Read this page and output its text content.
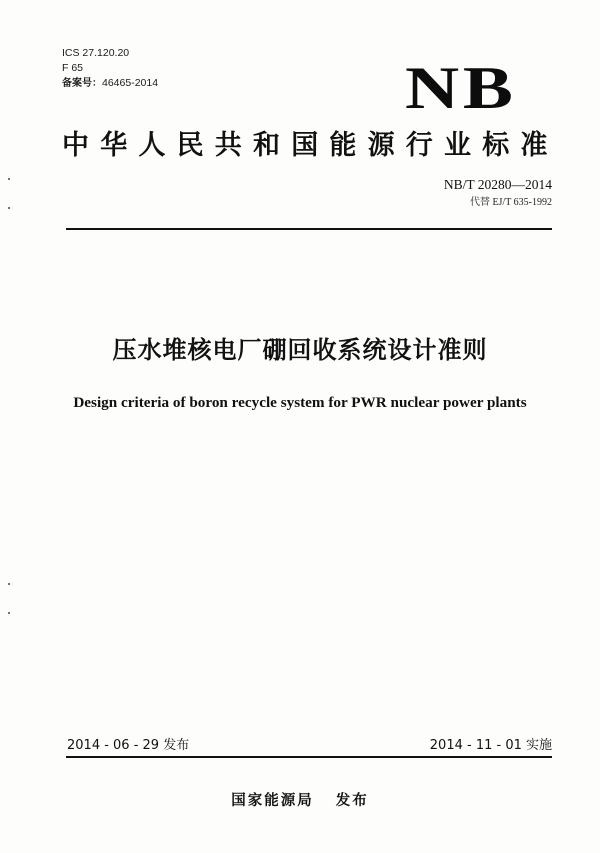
ICS 27.120.20
F 65
备案号：46465-2014	NB
中华人民共和国能源行业标准
NB/T 20280—2014
代替 EJ/T 635-1992
压水堆核电厂硼回收系统设计准则
Design criteria of boron recycle system for PWR nuclear power plants
2014 - 06 - 29 发布	2014 - 11 - 01 实施
国家能源局 发布
